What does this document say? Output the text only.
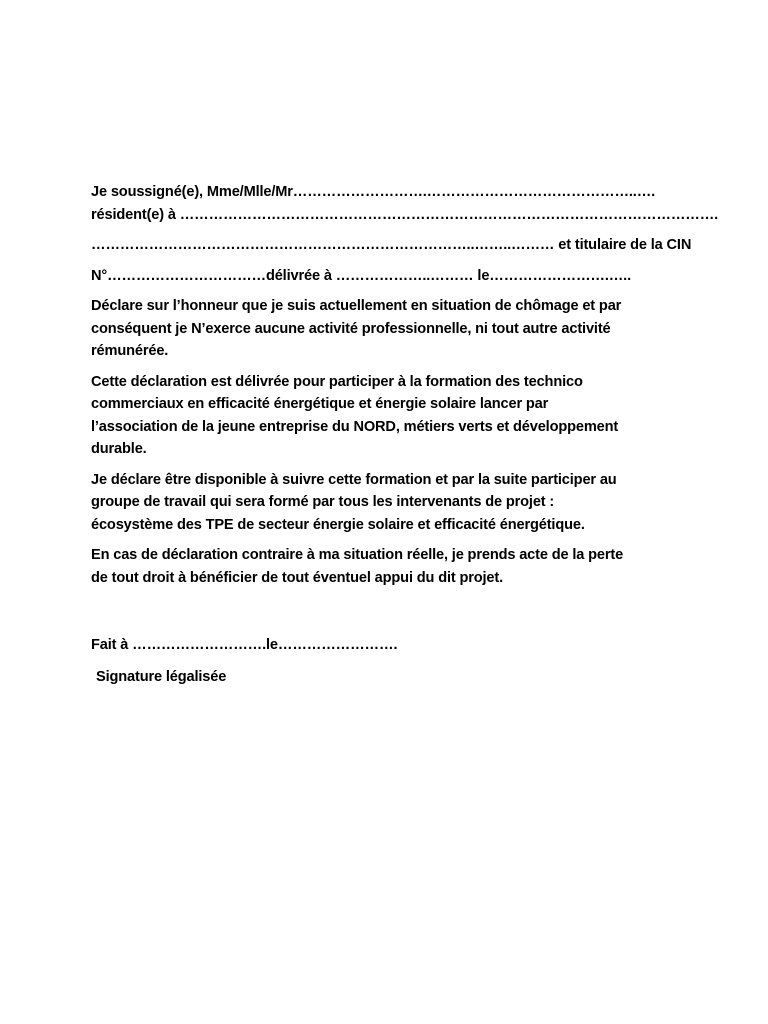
Je soussigné(e), Mme/Mlle/Mr……………………….……………………………………..….
résident(e) à ………………………………………………………………………………………………….

……………………………………………………………………..……..……… et titulaire de la CIN

N°……………………………délivrée à ………………..……… le…………………….…..

Déclare sur l’honneur que je suis actuellement en situation de chômage et par
conséquent je N’exerce aucune activité professionnelle, ni tout autre activité
rémunérée.

Cette déclaration est délivrée pour participer à la formation des technico
commerciaux en efficacité énergétique et énergie solaire lancer par
l’association de la jeune entreprise du NORD, métiers verts et développement
durable.

Je déclare être disponible à suivre cette formation et par la suite participer au
groupe de travail qui sera formé par tous les intervenants de projet :
écosystème des TPE de secteur énergie solaire et efficacité énergétique.

En cas de déclaration contraire à ma situation réelle, je prends acte de la perte
de tout droit à bénéficier de tout éventuel appui du dit projet.

Fait à ……………………….le…………………….

Signature légalisée
